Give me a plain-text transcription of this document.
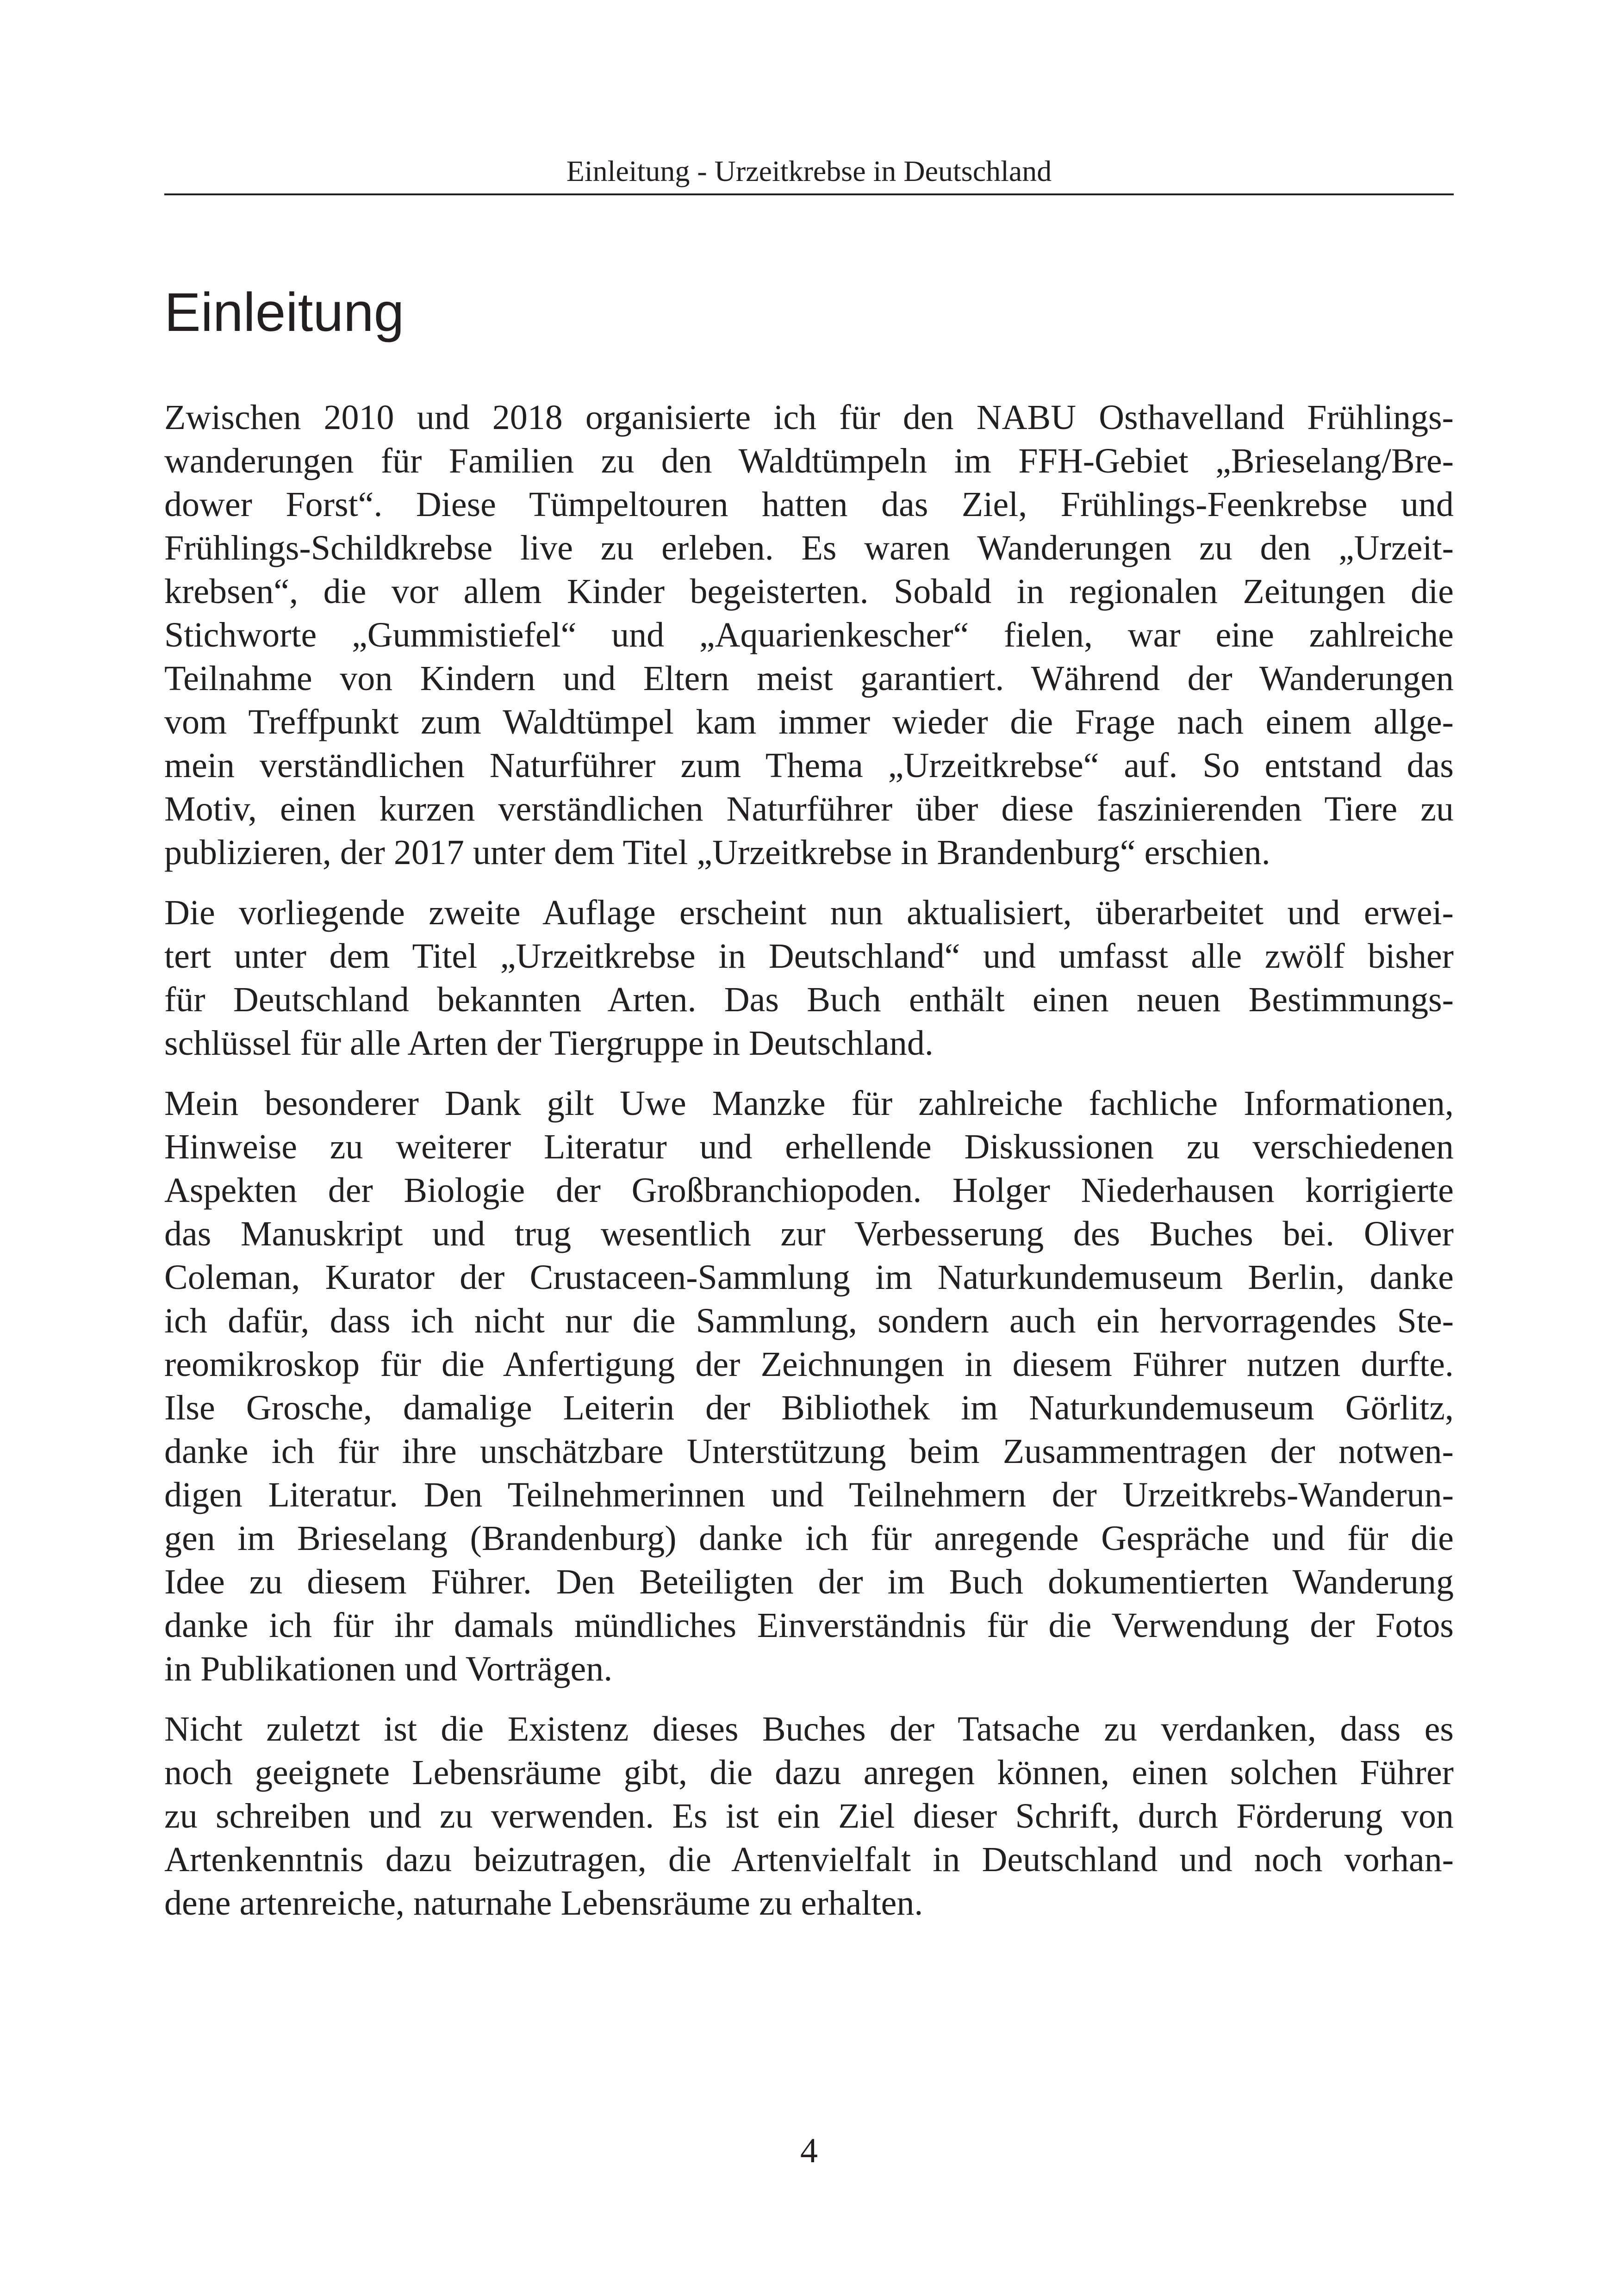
Einleitung - Urzeitkrebse in Deutschland
Einleitung

Zwischen 2010 und 2018 organisierte ich für den NABU Osthavelland Frühlings-
wanderungen für Familien zu den Waldtümpeln im FFH-Gebiet „Brieselang/Bre-
dower Forst“. Diese Tümpeltouren hatten das Ziel, Frühlings-Feenkrebse und
Frühlings-Schildkrebse live zu erleben. Es waren Wanderungen zu den „Urzeit-
krebsen“, die vor allem Kinder begeisterten. Sobald in regionalen Zeitungen die
Stichworte „Gummistiefel“ und „Aquarienkescher“ fielen, war eine zahlreiche
Teilnahme von Kindern und Eltern meist garantiert. Während der Wanderungen
vom Treffpunkt zum Waldtümpel kam immer wieder die Frage nach einem allge-
mein verständlichen Naturführer zum Thema „Urzeitkrebse“ auf. So entstand das
Motiv, einen kurzen verständlichen Naturführer über diese faszinierenden Tiere zu
publizieren, der 2017 unter dem Titel „Urzeitkrebse in Brandenburg“ erschien.

Die vorliegende zweite Auflage erscheint nun aktualisiert, überarbeitet und erwei-
tert unter dem Titel „Urzeitkrebse in Deutschland“ und umfasst alle zwölf bisher
für Deutschland bekannten Arten. Das Buch enthält einen neuen Bestimmungs-
schlüssel für alle Arten der Tiergruppe in Deutschland.

Mein besonderer Dank gilt Uwe Manzke für zahlreiche fachliche Informationen,
Hinweise zu weiterer Literatur und erhellende Diskussionen zu verschiedenen
Aspekten der Biologie der Großbranchiopoden. Holger Niederhausen korrigierte
das Manuskript und trug wesentlich zur Verbesserung des Buches bei. Oliver
Coleman, Kurator der Crustaceen-Sammlung im Naturkundemuseum Berlin, danke
ich dafür, dass ich nicht nur die Sammlung, sondern auch ein hervorragendes Ste-
reomikroskop für die Anfertigung der Zeichnungen in diesem Führer nutzen durfte.
Ilse Grosche, damalige Leiterin der Bibliothek im Naturkundemuseum Görlitz,
danke ich für ihre unschätzbare Unterstützung beim Zusammentragen der notwen-
digen Literatur. Den Teilnehmerinnen und Teilnehmern der Urzeitkrebs-Wanderun-
gen im Brieselang (Brandenburg) danke ich für anregende Gespräche und für die
Idee zu diesem Führer. Den Beteiligten der im Buch dokumentierten Wanderung
danke ich für ihr damals mündliches Einverständnis für die Verwendung der Fotos
in Publikationen und Vorträgen.

Nicht zuletzt ist die Existenz dieses Buches der Tatsache zu verdanken, dass es
noch geeignete Lebensräume gibt, die dazu anregen können, einen solchen Führer
zu schreiben und zu verwenden. Es ist ein Ziel dieser Schrift, durch Förderung von
Artenkenntnis dazu beizutragen, die Artenvielfalt in Deutschland und noch vorhan-
dene artenreiche, naturnahe Lebensräume zu erhalten.

4
